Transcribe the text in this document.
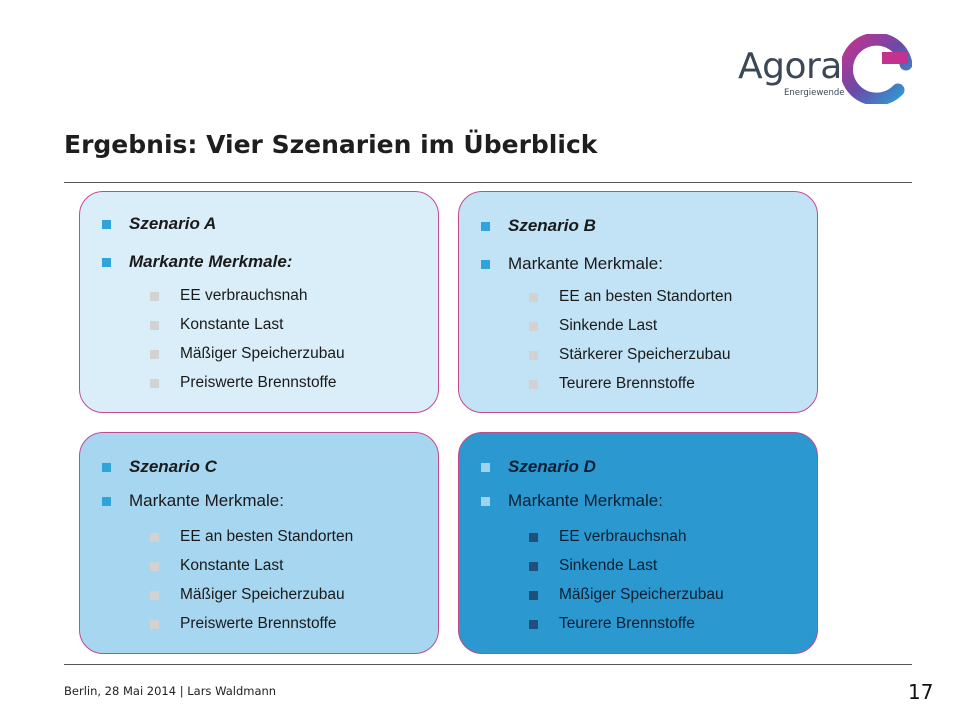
Agora
Energiewende
Ergebnis: Vier Szenarien im Überblick
Szenario A
Markante Merkmale:
EE verbrauchsnah
Konstante Last
Mäßiger Speicherzubau
Preiswerte Brennstoffe
Szenario B
Markante Merkmale:
EE an besten Standorten
Sinkende Last
Stärkerer Speicherzubau
Teurere Brennstoffe
Szenario C
Markante Merkmale:
EE an besten Standorten
Konstante Last
Mäßiger Speicherzubau
Preiswerte Brennstoffe
Szenario D
Markante Merkmale:
EE verbrauchsnah
Sinkende Last
Mäßiger Speicherzubau
Teurere Brennstoffe
Berlin, 28 Mai 2014 | Lars Waldmann	17
